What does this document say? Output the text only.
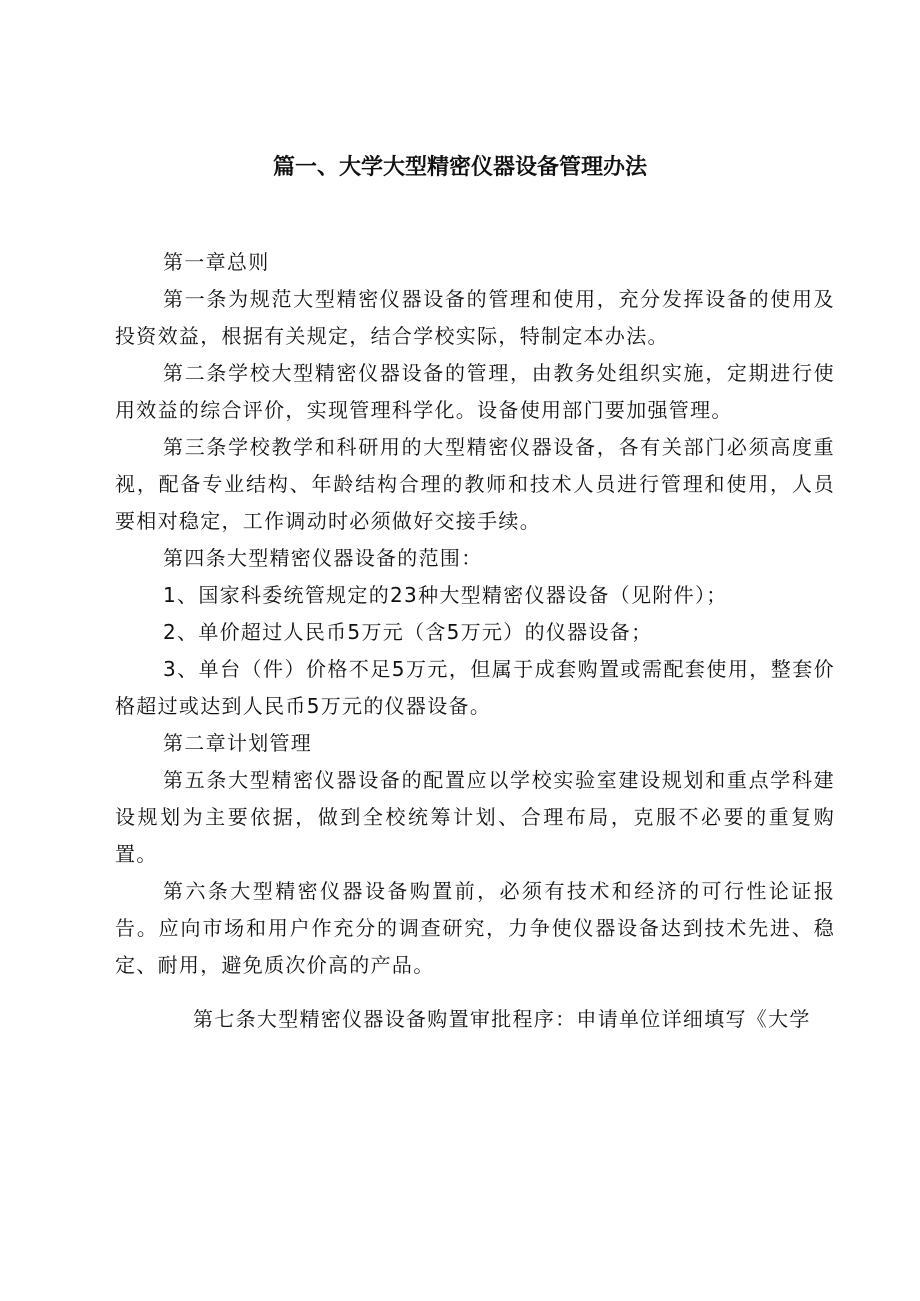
篇一、大学大型精密仪器设备管理办法

第一章总则

第一条为规范大型精密仪器设备的管理和使用，充分发挥设备的使用及投资效益，根据有关规定，结合学校实际，特制定本办法。

第二条学校大型精密仪器设备的管理，由教务处组织实施，定期进行使用效益的综合评价，实现管理科学化。设备使用部门要加强管理。

第三条学校教学和科研用的大型精密仪器设备，各有关部门必须高度重视，配备专业结构、年龄结构合理的教师和技术人员进行管理和使用，人员要相对稳定，工作调动时必须做好交接手续。

第四条大型精密仪器设备的范围：

1、国家科委统管规定的23种大型精密仪器设备（见附件）；

2、单价超过人民币5万元（含5万元）的仪器设备；

3、单台（件）价格不足5万元，但属于成套购置或需配套使用，整套价格超过或达到人民币5万元的仪器设备。

第二章计划管理

第五条大型精密仪器设备的配置应以学校实验室建设规划和重点学科建设规划为主要依据，做到全校统筹计划、合理布局，克服不必要的重复购置。

第六条大型精密仪器设备购置前，必须有技术和经济的可行性论证报告。应向市场和用户作充分的调查研究，力争使仪器设备达到技术先进、稳定、耐用，避免质次价高的产品。

第七条大型精密仪器设备购置审批程序：申请单位详细填写《大学
